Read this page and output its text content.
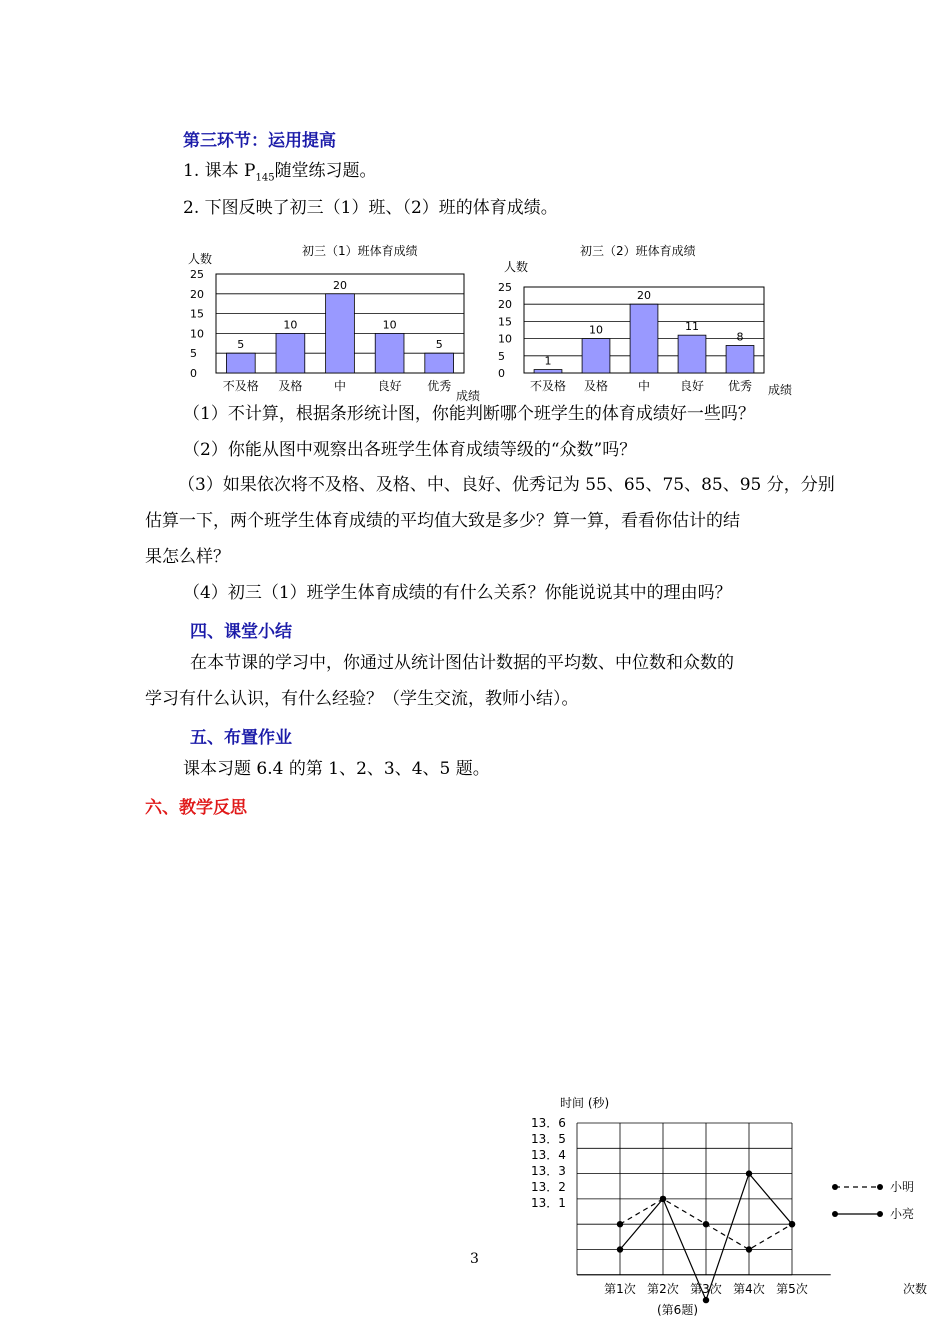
第三环节：运用提高
1. 课本 $P_{145}$随堂练习题。
2. 下图反映了初三（1）班、（2）班的体育成绩。
初三（1）班体育成绩
人数
25
20
15
10
5
0
5
10
20
10
5
不及格 及格	中	良好 优秀
成绩
初三（2）班体育成绩
人数
25
20
15
10
5
0
1
10
20
11
8
不及格 及格 中 良好 优秀 成绩
（1）不计算，根据条形统计图，你能判断哪个班学生的体育成绩好一些吗？
（2）你能从图中观察出各班学生体育成绩等级的“众数”吗？
（3）如果依次将不及格、及格、中、良好、优秀记为 55、65、75、85、95 分，分别
估算一下，两个班学生体育成绩的平均值大致是多少？算一算，看看你估计的结
果怎么样？
（4）初三（1）班学生体育成绩的有什么关系？你能说说其中的理由吗？
四、课堂小结
在本节课的学习中，你通过从统计图估计数据的平均数、中位数和众数的
学习有什么认识，有什么经验？（学生交流，教师小结）。
五、布置作业
课本习题 6.4 的第 1、2、3、4、5 题。
六、教学反思
3
时间 (秒)
13．6
13．5
13．4
13．3
13．2
13．1
第1次 第2次 第3次 第4次 第5次	次数
(第6题)
小明
小亮
